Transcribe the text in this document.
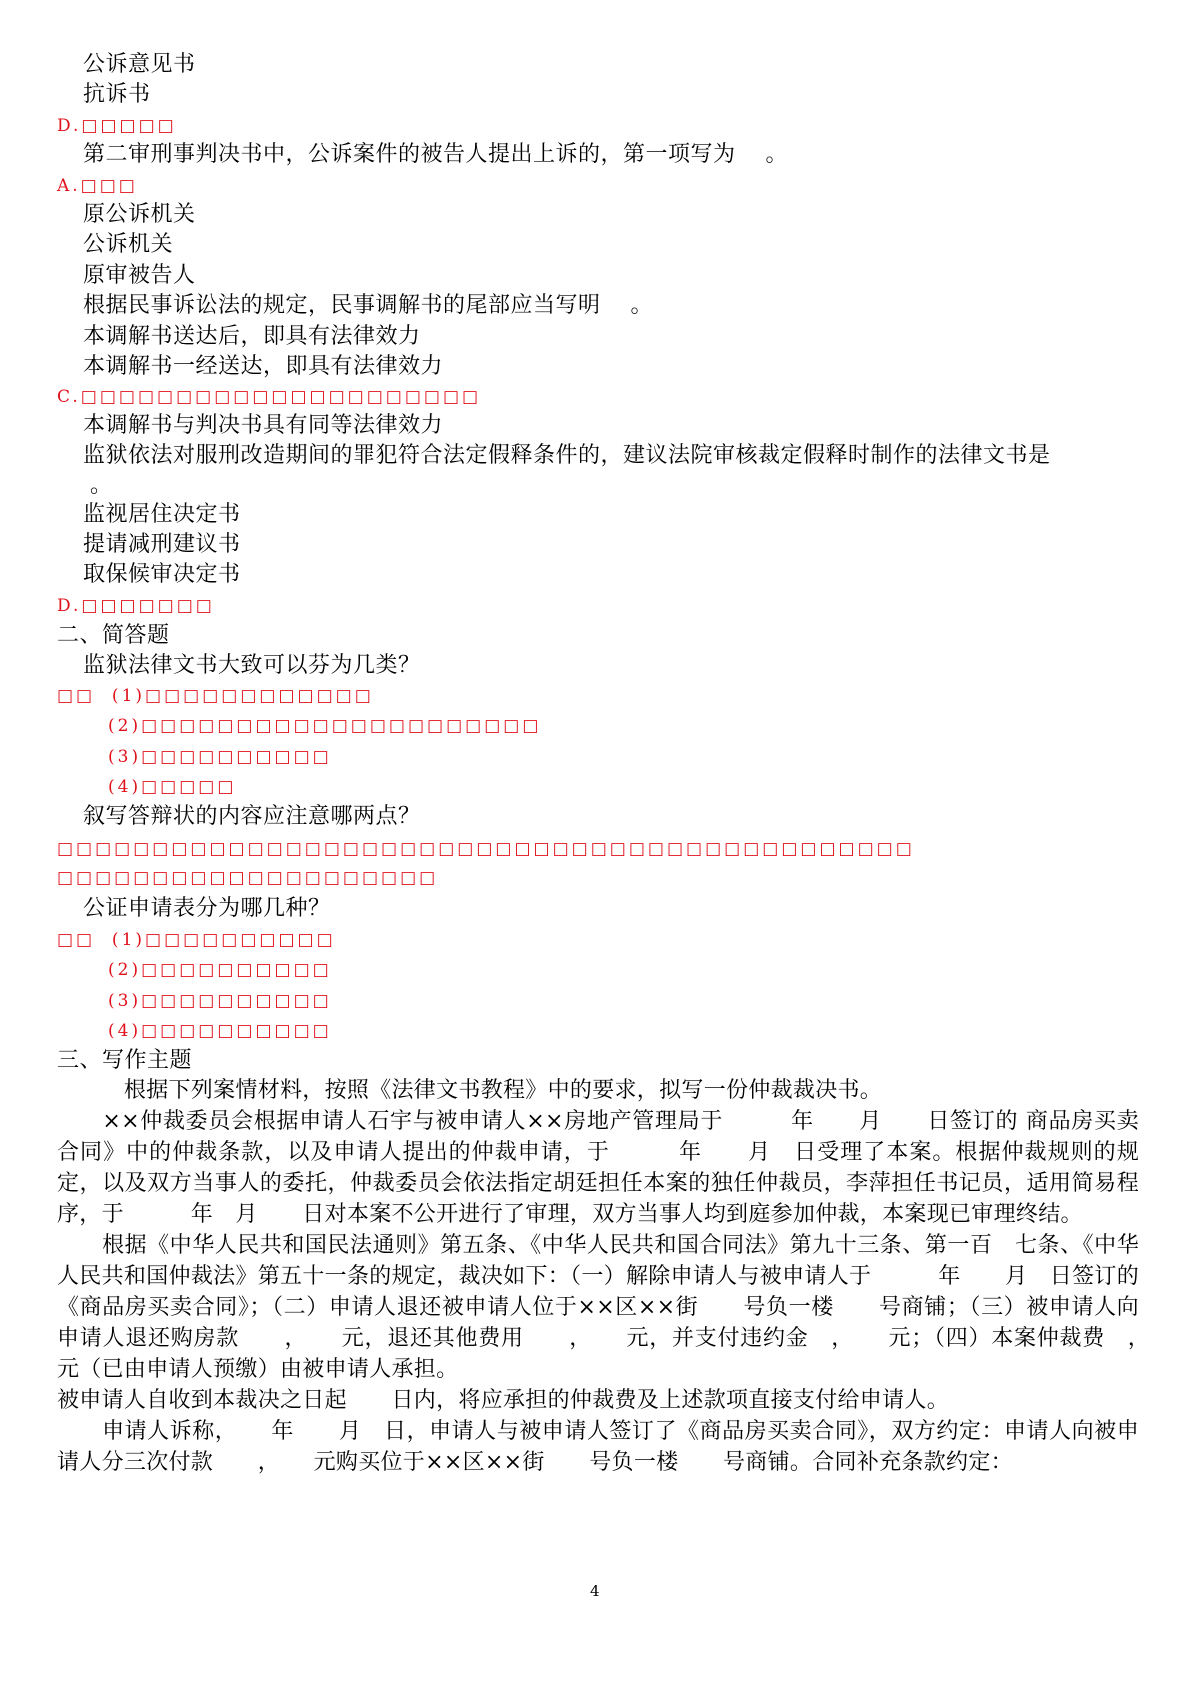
公诉意见书
抗诉书
D.□□□□□
第二审刑事判决书中，公诉案件的被告人提出上诉的，第一项写为    。
A.□□□
原公诉机关
公诉机关
原审被告人
根据民事诉讼法的规定，民事调解书的尾部应当写明    。
本调解书送达后，即具有法律效力
本调解书一经送达，即具有法律效力
C.□□□□□□□□□□□□□□□□□□□□□
本调解书与判决书具有同等法律效力
监狱依法对服刑改造期间的罪犯符合法定假释条件的，建议法院审核裁定假释时制作的法律文书是
。
监视居住决定书
提请减刑建议书
取保候审决定书
D.□□□□□□□
二、简答题
监狱法律文书大致可以芬为几类？
□□  (1)□□□□□□□□□□□□
(2)□□□□□□□□□□□□□□□□□□□□□
(3)□□□□□□□□□□
(4)□□□□□
叙写答辩状的内容应注意哪两点？
□□□□□□□□□□□□□□□□□□□□□□□□□□□□□□□□□□□□□□□□□□□□□
□□□□□□□□□□□□□□□□□□□□
公证申请表分为哪几种？
□□  (1)□□□□□□□□□□
(2)□□□□□□□□□□
(3)□□□□□□□□□□
(4)□□□□□□□□□□
三、写作主题

　　　根据下列案情材料，按照《法律文书教程》中的要求，拟写一份仲裁裁决书。

　　××仲裁委员会根据申请人石宇与被申请人××房地产管理局于　　　年　　月　　日签订的 商品房买卖合同》中的仲裁条款，以及申请人提出的仲裁申请，于　　　年　　月　日受理了本案。根据仲裁规则的规定，以及双方当事人的委托，仲裁委员会依法指定胡廷担任本案的独任仲裁员，李萍担任书记员，适用简易程序，于　　　年　月　　日对本案不公开进行了审理，双方当事人均到庭参加仲裁，本案现已审理终结。

　　根据《中华人民共和国民法通则》第五条、《中华人民共和国合同法》第九十三条、第一百　七条、《中华人民共和国仲裁法》第五十一条的规定，裁决如下：（一）解除申请人与被申请人于　　　年　　月　日签订的《商品房买卖合同》；（二）申请人退还被申请人位于××区××街　　号负一楼　　号商铺；（三）被申请人向申请人退还购房款　　，　　元，退还其他费用　　，　　元，并支付违约金　，　　元；（四）本案仲裁费　，　　元（已由申请人预缴）由被申请人承担。

被申请人自收到本裁决之日起　　日内，将应承担的仲裁费及上述款项直接支付给申请人。

　　申请人诉称，　　年　　月　日，申请人与被申请人签订了《商品房买卖合同》，双方约定：申请人向被申请人分三次付款　　，　　元购买位于××区××街　　号负一楼　　号商铺。合同补充条款约定：

4
